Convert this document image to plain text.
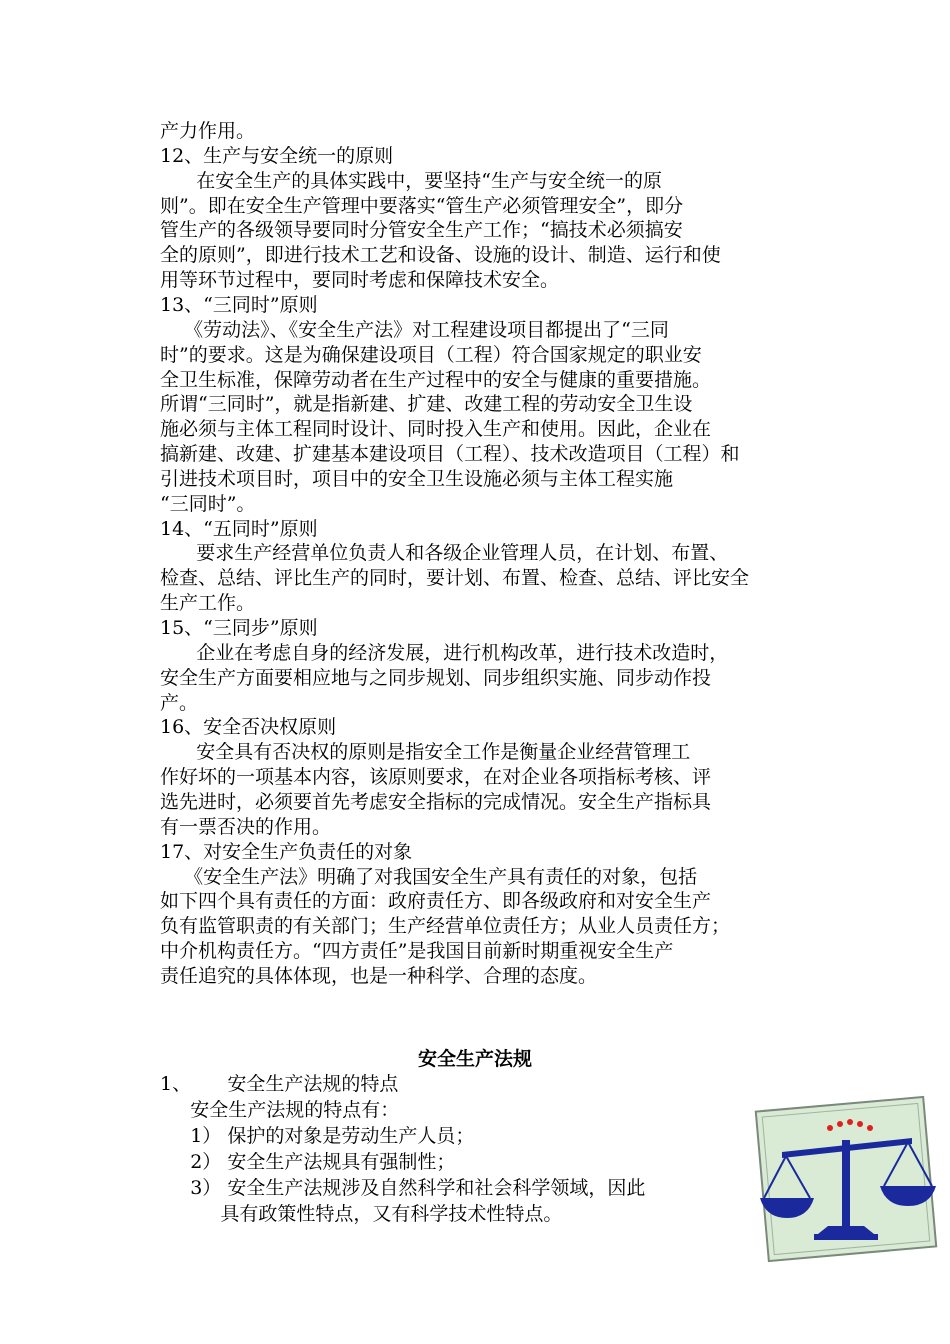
产力作用。
12、生产与安全统一的原则
在安全生产的具体实践中，要坚持“生产与安全统一的原
则”。即在安全生产管理中要落实“管生产必须管理安全”，即分
管生产的各级领导要同时分管安全生产工作；“搞技术必须搞安
全的原则”，即进行技术工艺和设备、设施的设计、制造、运行和使
用等环节过程中，要同时考虑和保障技术安全。
13、“三同时”原则
《劳动法》、《安全生产法》对工程建设项目都提出了“三同
时”的要求。这是为确保建设项目（工程）符合国家规定的职业安
全卫生标准，保障劳动者在生产过程中的安全与健康的重要措施。
所谓“三同时”，就是指新建、扩建、改建工程的劳动安全卫生设
施必须与主体工程同时设计、同时投入生产和使用。因此，企业在
搞新建、改建、扩建基本建设项目（工程）、技术改造项目（工程）和
引进技术项目时，项目中的安全卫生设施必须与主体工程实施
“三同时”。
14、“五同时”原则
要求生产经营单位负责人和各级企业管理人员，在计划、布置、
检查、总结、评比生产的同时，要计划、布置、检查、总结、评比安全
生产工作。
15、“三同步”原则
企业在考虑自身的经济发展，进行机构改革，进行技术改造时，
安全生产方面要相应地与之同步规划、同步组织实施、同步动作投
产。
16、安全否决权原则
安全具有否决权的原则是指安全工作是衡量企业经营管理工
作好坏的一项基本内容，该原则要求，在对企业各项指标考核、评
选先进时，必须要首先考虑安全指标的完成情况。安全生产指标具
有一票否决的作用。
17、对安全生产负责任的对象
《安全生产法》明确了对我国安全生产具有责任的对象，包括
如下四个具有责任的方面：政府责任方、即各级政府和对安全生产
负有监管职责的有关部门；生产经营单位责任方；从业人员责任方；
中介机构责任方。“四方责任”是我国目前新时期重视安全生产
责任追究的具体体现，也是一种科学、合理的态度。
安全生产法规
1、      安全生产法规的特点
安全生产法规的特点有：
1） 保护的对象是劳动生产人员；
2） 安全生产法规具有强制性；
3） 安全生产法规涉及自然科学和社会科学领域，因此
具有政策性特点，又有科学技术性特点。
